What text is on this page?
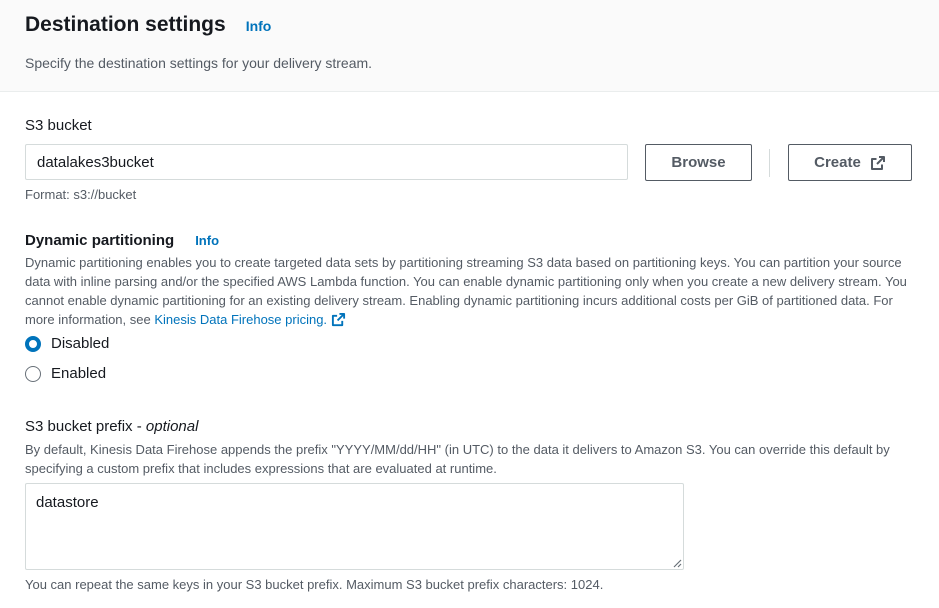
Destination settings Info
Specify the destination settings for your delivery stream.
S3 bucket
datalakes3bucket
Browse	Create
Format: s3://bucket
Dynamic partitioning Info
Dynamic partitioning enables you to create targeted data sets by partitioning streaming S3 data based on partitioning keys. You can partition your source data with inline parsing and/or the specified AWS Lambda function. You can enable dynamic partitioning only when you create a new delivery stream. You cannot enable dynamic partitioning for an existing delivery stream. Enabling dynamic partitioning incurs additional costs per GiB of partitioned data. For more information, see Kinesis Data Firehose pricing.
Disabled
Enabled
S3 bucket prefix - optional
By default, Kinesis Data Firehose appends the prefix "YYYY/MM/dd/HH" (in UTC) to the data it delivers to Amazon S3. You can override this default by specifying a custom prefix that includes expressions that are evaluated at runtime.
datastore
You can repeat the same keys in your S3 bucket prefix. Maximum S3 bucket prefix characters: 1024.
